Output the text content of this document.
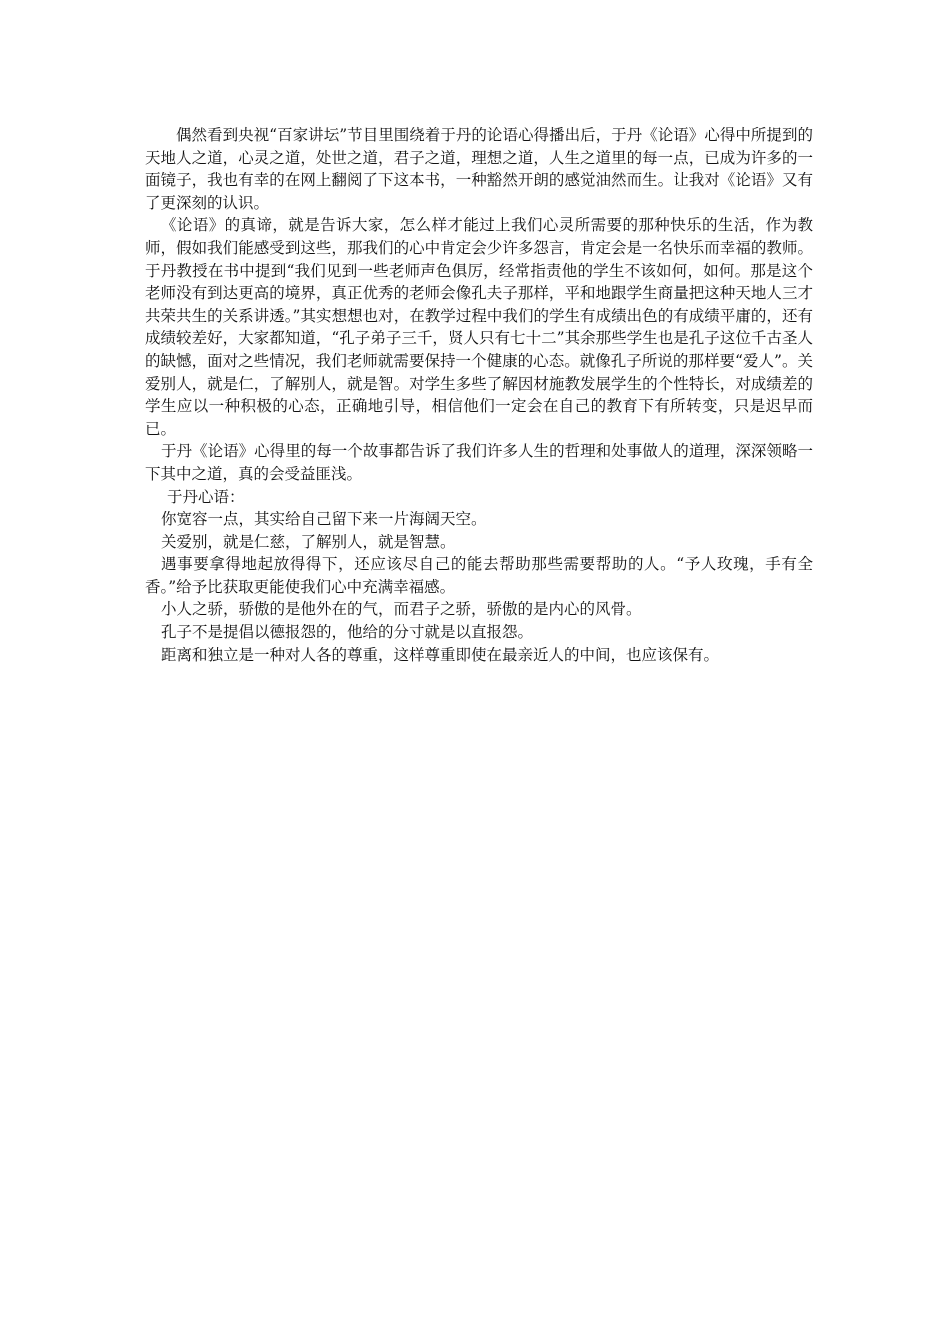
偶然看到央视“百家讲坛”节目里围绕着于丹的论语心得播出后，于丹《论语》心得中所提到的天地人之道，心灵之道，处世之道，君子之道，理想之道，人生之道里的每一点，已成为许多的一面镜子，我也有幸的在网上翻阅了下这本书，一种豁然开朗的感觉油然而生。让我对《论语》又有了更深刻的认识。

《论语》的真谛，就是告诉大家，怎么样才能过上我们心灵所需要的那种快乐的生活，作为教师，假如我们能感受到这些，那我们的心中肯定会少许多怨言，肯定会是一名快乐而幸福的教师。于丹教授在书中提到“我们见到一些老师声色俱厉，经常指责他的学生不该如何，如何。那是这个老师没有到达更高的境界，真正优秀的老师会像孔夫子那样，平和地跟学生商量把这种天地人三才共荣共生的关系讲透。”其实想想也对，在教学过程中我们的学生有成绩出色的有成绩平庸的，还有成绩较差好，大家都知道，“孔子弟子三千，贤人只有七十二”其余那些学生也是孔子这位千古圣人的缺憾，面对之些情况，我们老师就需要保持一个健康的心态。就像孔子所说的那样要“爱人”。关爱别人，就是仁，了解别人，就是智。对学生多些了解因材施教发展学生的个性特长，对成绩差的学生应以一种积极的心态，正确地引导，相信他们一定会在自己的教育下有所转变，只是迟早而已。

于丹《论语》心得里的每一个故事都告诉了我们许多人生的哲理和处事做人的道理，深深领略一下其中之道，真的会受益匪浅。

于丹心语：

你宽容一点，其实给自己留下来一片海阔天空。

关爱别，就是仁慈，了解别人，就是智慧。

遇事要拿得地起放得得下，还应该尽自己的能去帮助那些需要帮助的人。“予人玫瑰，手有全香。”给予比获取更能使我们心中充满幸福感。

小人之骄，骄傲的是他外在的气，而君子之骄，骄傲的是内心的风骨。

孔子不是提倡以德报怨的，他给的分寸就是以直报怨。

距离和独立是一种对人各的尊重，这样尊重即使在最亲近人的中间，也应该保有。
